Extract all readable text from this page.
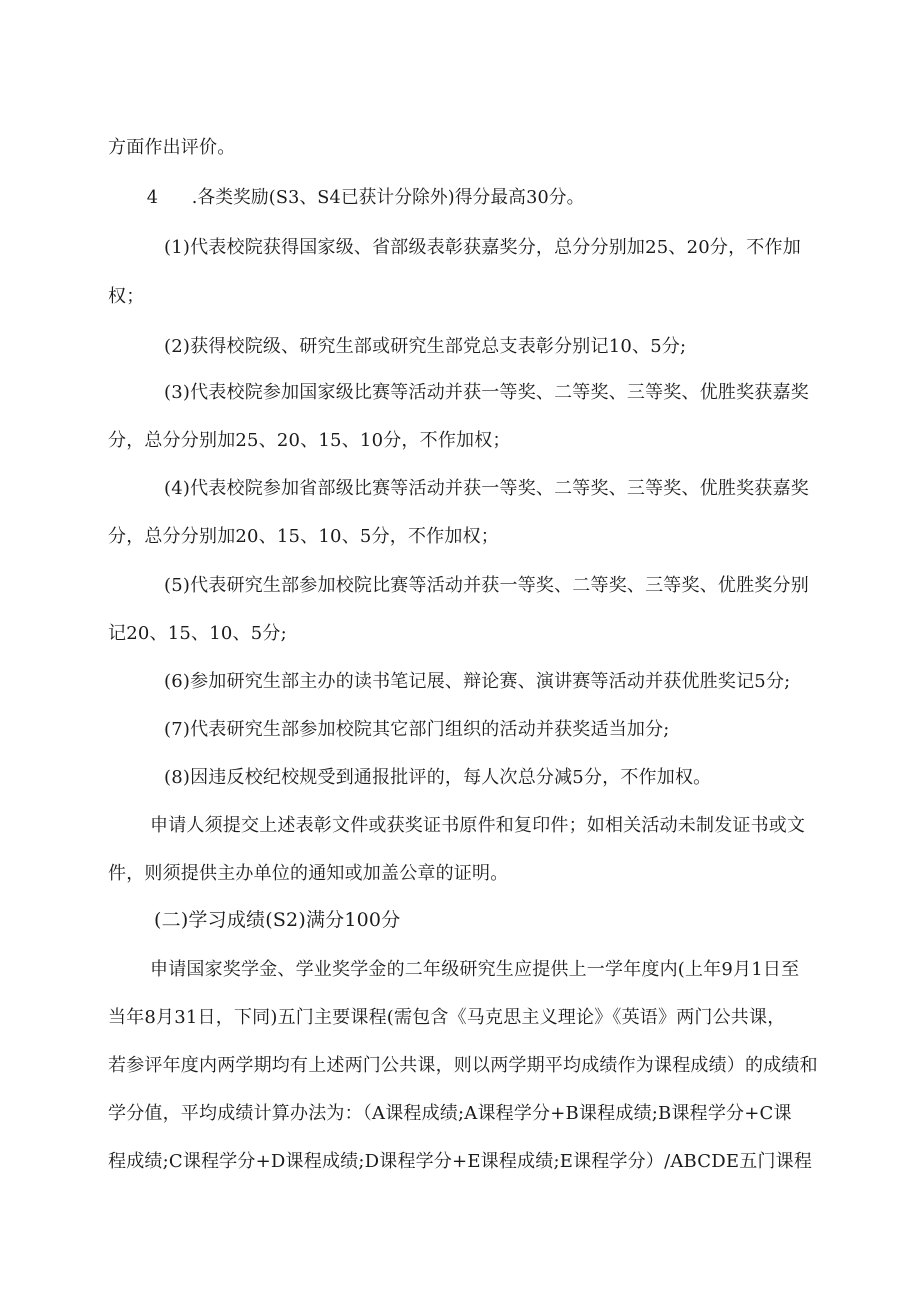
方面作出评价。
4 .各类奖励(S3、S4已获计分除外)得分最高30分。
(1)代表校院获得国家级、省部级表彰获嘉奖分，总分分别加25、20分，不作加
权；
(2)获得校院级、研究生部或研究生部党总支表彰分别记10、5分;
(3)代表校院参加国家级比赛等活动并获一等奖、二等奖、三等奖、优胜奖获嘉奖
分，总分分别加25、20、15、10分，不作加权；
(4)代表校院参加省部级比赛等活动并获一等奖、二等奖、三等奖、优胜奖获嘉奖
分，总分分别加20、15、10、5分，不作加权；
(5)代表研究生部参加校院比赛等活动并获一等奖、二等奖、三等奖、优胜奖分别
记20、15、10、5分;
(6)参加研究生部主办的读书笔记展、辩论赛、演讲赛等活动并获优胜奖记5分;
(7)代表研究生部参加校院其它部门组织的活动并获奖适当加分;
(8)因违反校纪校规受到通报批评的，每人次总分减5分，不作加权。
申请人须提交上述表彰文件或获奖证书原件和复印件；如相关活动未制发证书或文
件，则须提供主办单位的通知或加盖公章的证明。
(二)学习成绩(S2)满分100分
申请国家奖学金、学业奖学金的二年级研究生应提供上一学年度内(上年9月1日至
当年8月31日，下同)五门主要课程(需包含《马克思主义理论》《英语》两门公共课，
若参评年度内两学期均有上述两门公共课，则以两学期平均成绩作为课程成绩）的成绩和
学分值，平均成绩计算办法为：（A课程成绩;A课程学分+B课程成绩;B课程学分+C课
程成绩;C课程学分+D课程成绩;D课程学分+E课程成绩;E课程学分）/ABCDE五门课程
